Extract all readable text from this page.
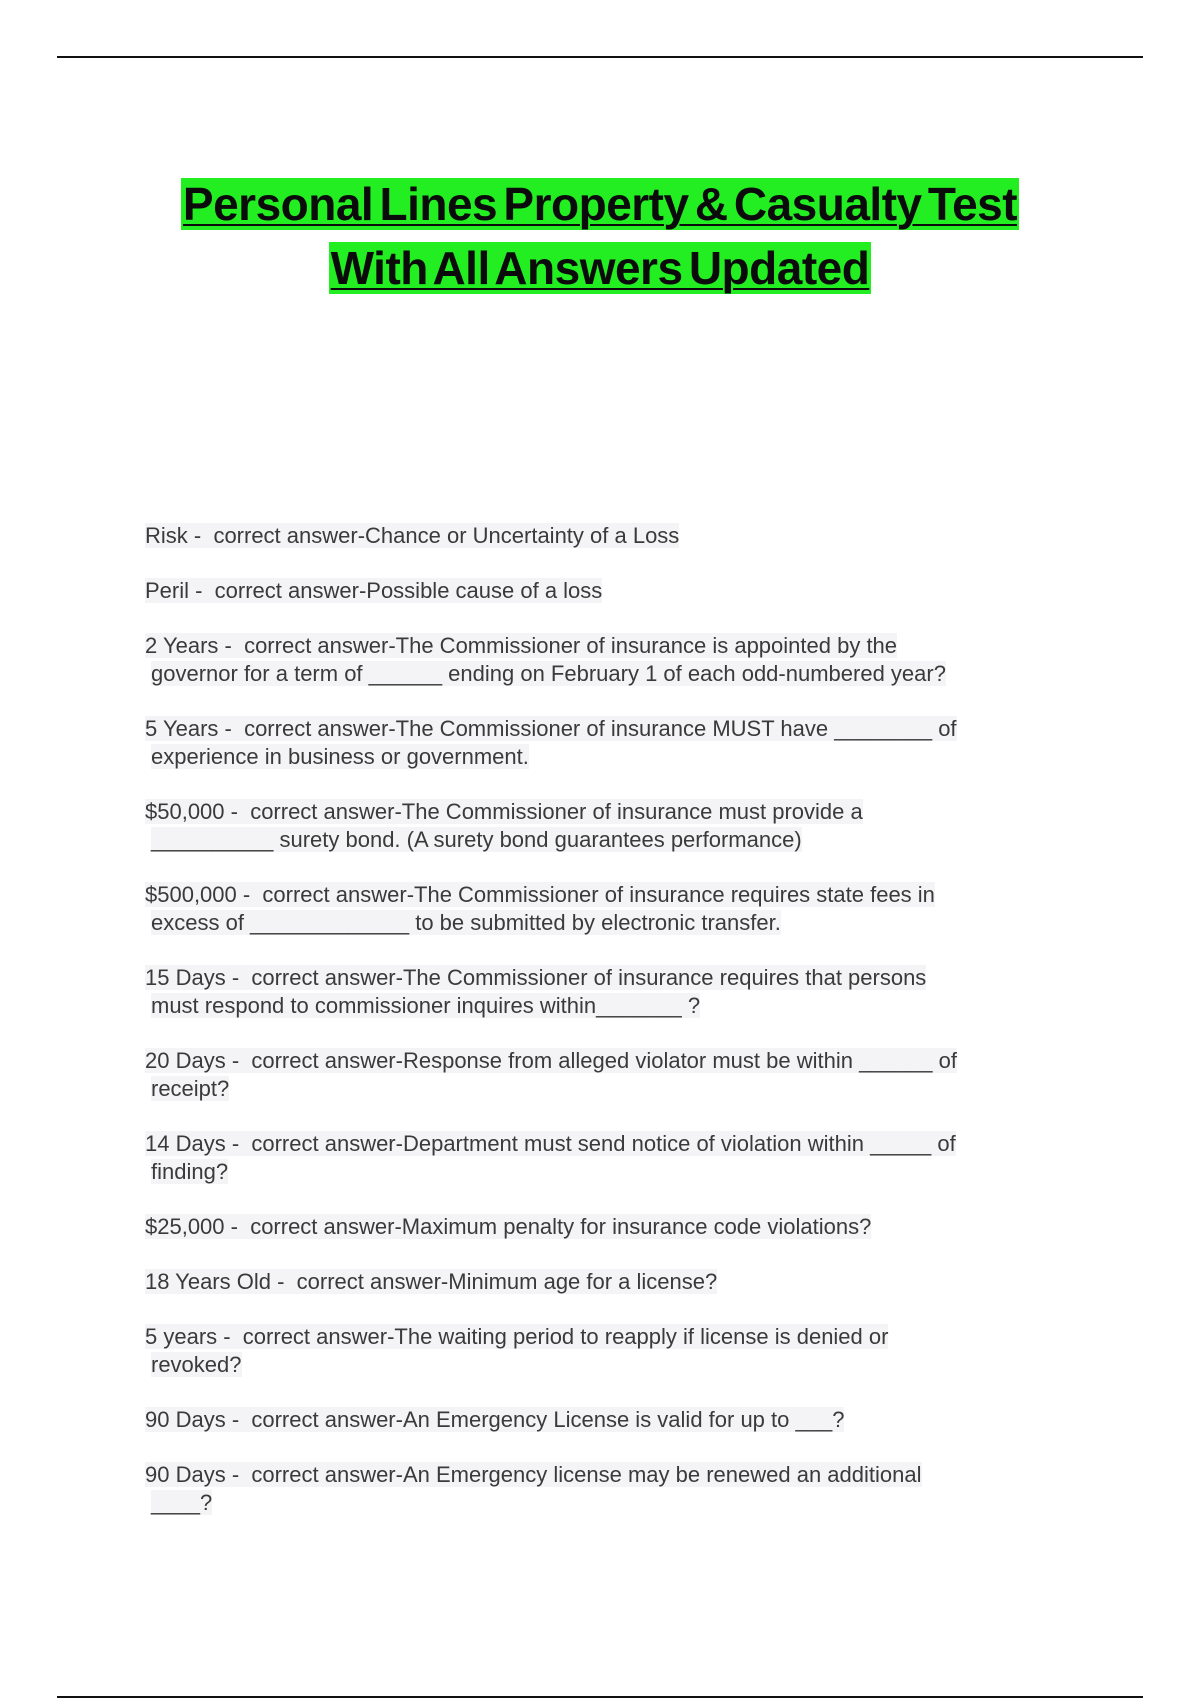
Personal Lines Property & Casualty Test
With All Answers Updated
Risk -  correct answer-Chance or Uncertainty of a Loss
Peril -  correct answer-Possible cause of a loss
2 Years -  correct answer-The Commissioner of insurance is appointed by the
governor for a term of ______ ending on February 1 of each odd-numbered year?
5 Years -  correct answer-The Commissioner of insurance MUST have ________ of
experience in business or government.
$50,000 -  correct answer-The Commissioner of insurance must provide a
__________ surety bond. (A surety bond guarantees performance)
$500,000 -  correct answer-The Commissioner of insurance requires state fees in
excess of _____________ to be submitted by electronic transfer.
15 Days -  correct answer-The Commissioner of insurance requires that persons
must respond to commissioner inquires within_______ ?
20 Days -  correct answer-Response from alleged violator must be within ______ of
receipt?
14 Days -  correct answer-Department must send notice of violation within _____ of
finding?
$25,000 -  correct answer-Maximum penalty for insurance code violations?
18 Years Old -  correct answer-Minimum age for a license?
5 years -  correct answer-The waiting period to reapply if license is denied or
revoked?
90 Days -  correct answer-An Emergency License is valid for up to ___?
90 Days -  correct answer-An Emergency license may be renewed an additional
____?
